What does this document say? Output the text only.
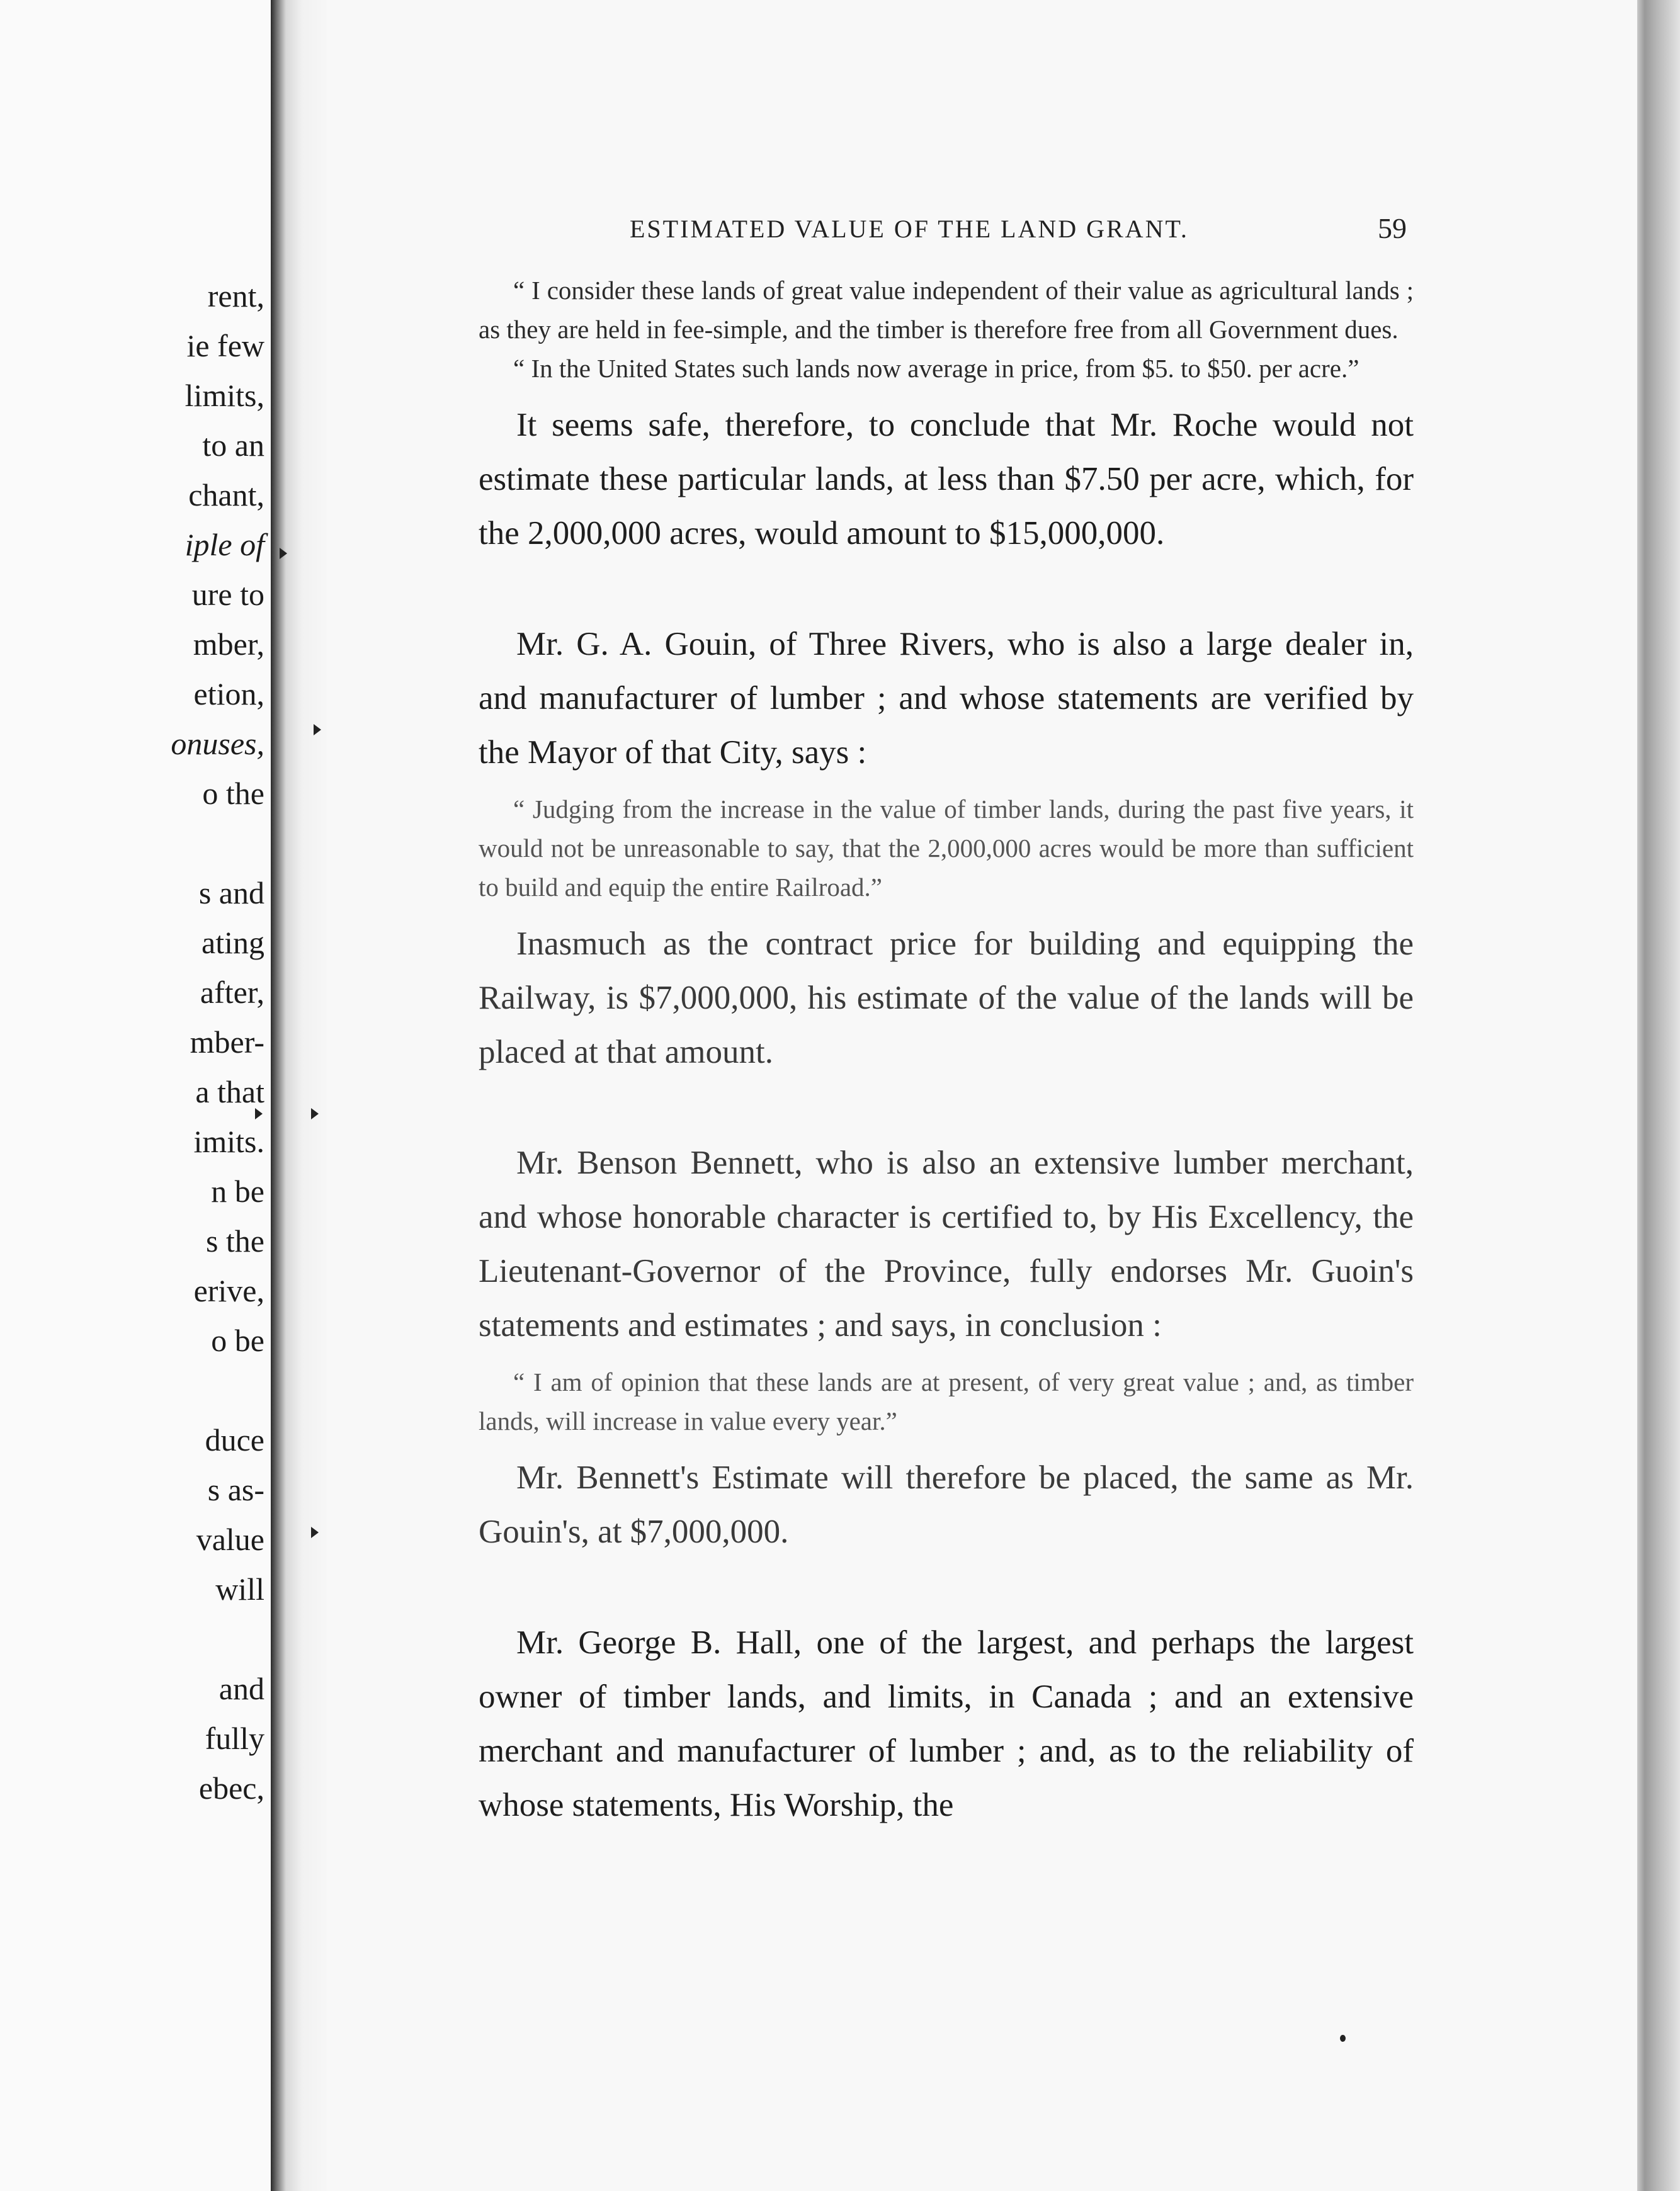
rent,
ie few
limits,
to an
chant,
iple of
ure to
mber,
etion,
onuses,
o the
s and
ating
after,
mber-
a that
imits.
n be
s the
erive,
o be
duce
s as-
value
will
and
fully
ebec,
ESTIMATED VALUE OF THE LAND GRANT.	59

“ I consider these lands of great value independent of their value as agricultural lands ; as they are held in fee-simple, and the timber is therefore free from all Government dues.

“ In the United States such lands now average in price, from $5. to $50. per acre.”

It seems safe, therefore, to conclude that Mr. Roche would not estimate these particular lands, at less than $7.50 per acre, which, for the 2,000,000 acres, would amount to $15,000,000.

Mr. G. A. Gouin, of Three Rivers, who is also a large dealer in, and manufacturer of lumber ; and whose statements are verified by the Mayor of that City, says :

“ Judging from the increase in the value of timber lands, during the past five years, it would not be unreasonable to say, that the 2,000,000 acres would be more than sufficient to build and equip the entire Railroad.”

Inasmuch as the contract price for building and equipping the Railway, is $7,000,000, his estimate of the value of the lands will be placed at that amount.

Mr. Benson Bennett, who is also an extensive lumber merchant, and whose honorable character is certified to, by His Excellency, the Lieutenant-Governor of the Province, fully endorses Mr. Guoin's statements and estimates ; and says, in conclusion :

“ I am of opinion that these lands are at present, of very great value ; and, as timber lands, will increase in value every year.”

Mr. Bennett's Estimate will therefore be placed, the same as Mr. Gouin's, at $7,000,000.

Mr. George B. Hall, one of the largest, and perhaps the largest owner of timber lands, and limits, in Canada ; and an extensive merchant and manufacturer of lumber ; and, as to the reliability of whose statements, His Worship, the
